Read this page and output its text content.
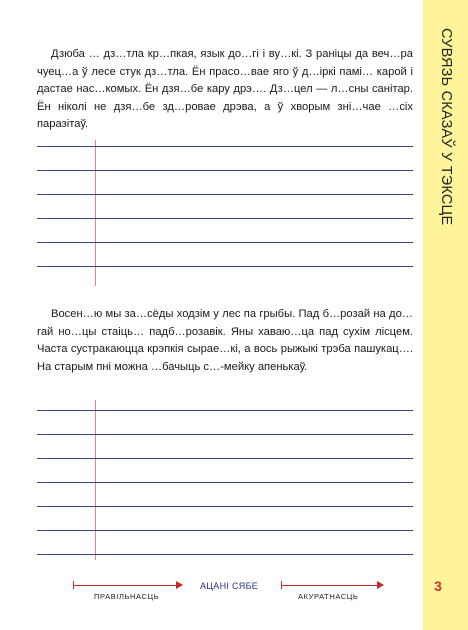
СУВЯЗЬ СКАЗАЎ У ТЭКСЦЕ

Дзюба … дз…тла кр…пкая, язык до…гі і ву…кі. З раніцы да веч…ра чуец…а ў лесе стук дз…тла. Ён прасо…вае яго ў д…іркі памі… карой і дастае нас…комых. Ён дзя…бе кару дрэ…. Дз…цел — л…сны санітар. Ён ніколі не дзя…бе зд…ровае дрэва, а ў хворым зні…чае …сіх паразітаў.

Восен…ю мы за…сёды ходзім у лес па грыбы. Пад б…розай на до…гай но…цы стаіць… падб…розавік. Яны хаваю…ца пад сухім лісцем. Часта сустракаюцца крэпкія сырае…кі, а вось рыжыкі трэба пашукац…. На старым пні можна …бачыць с…-мейку апенькаў.

ПРАВІЛЬНАСЦЬ
АЦАНІ СЯБЕ
АКУРАТНАСЦЬ
3
